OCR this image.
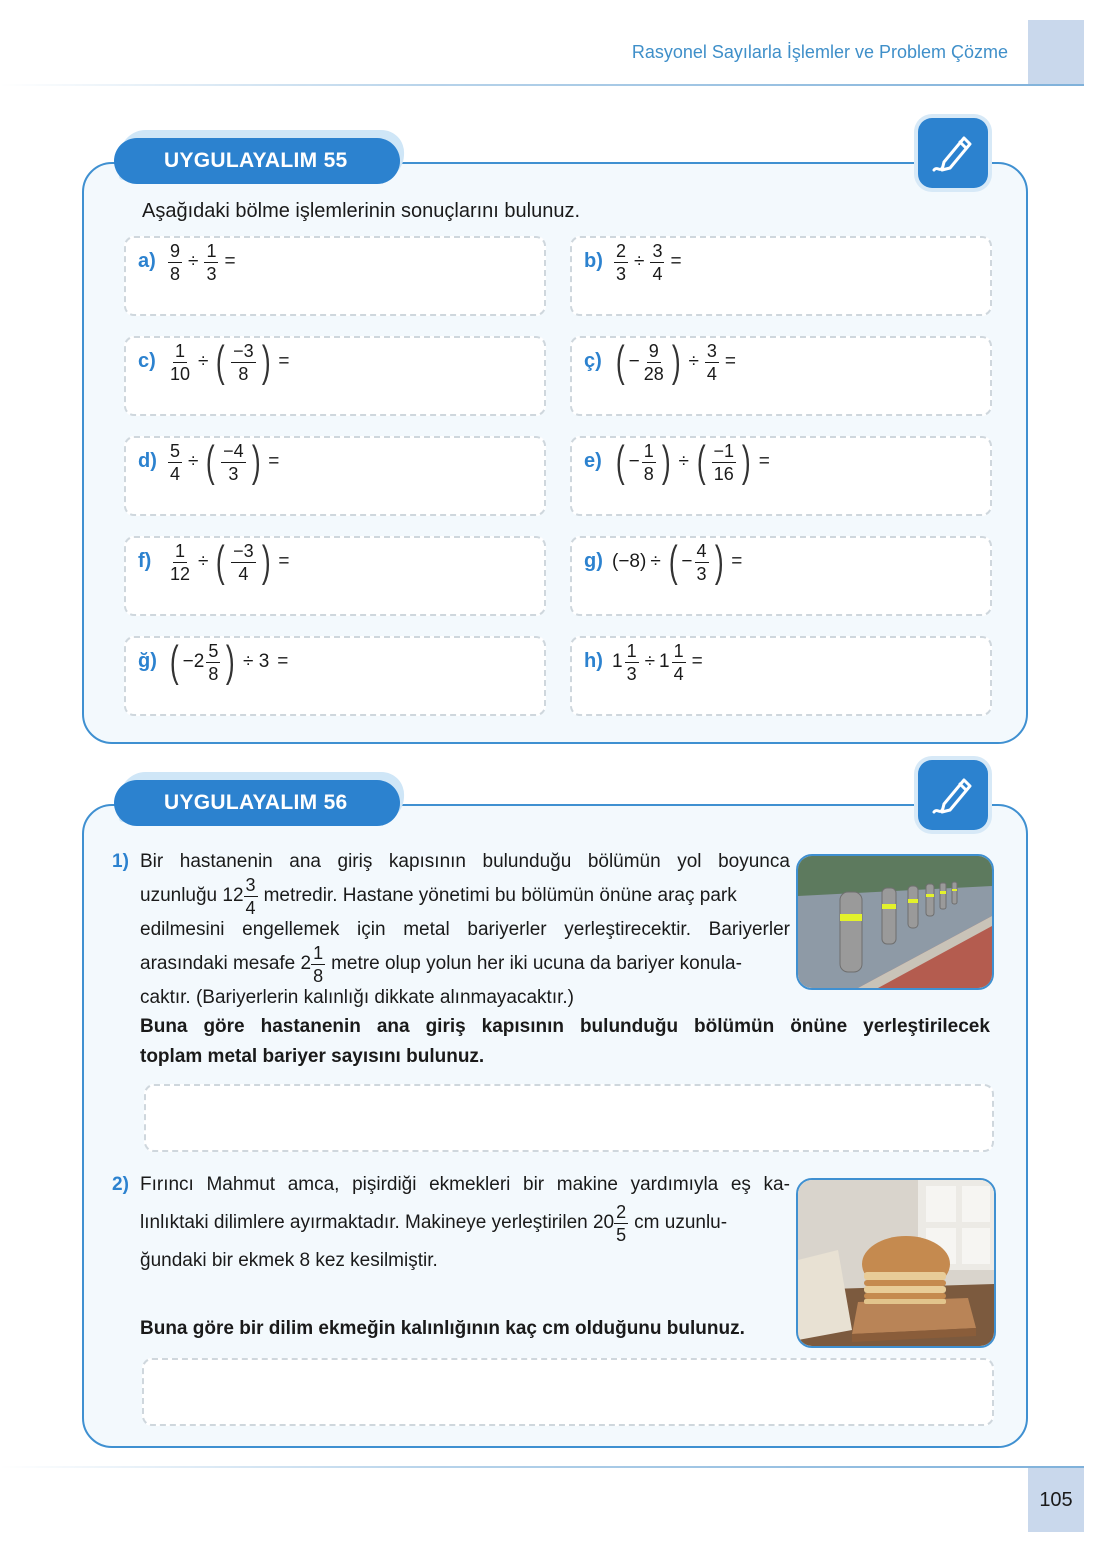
Rasyonel Sayılarla İşlemler ve Problem Çözme
UYGULAYALIM 55
Aşağıdaki bölme işlemlerinin sonuçlarını bulunuz.
$a) \frac{9}{8} \div \frac{1}{3}$ =	$b) \frac{2}{3} \div \frac{3}{4}$ =
$c) \frac{1}{10}$ ÷ ( $\frac{-3}{8}$ ) =	ç) ( − $\frac{9}{28}$ ) ÷ $\frac{3}{4}$ =
$d) \frac{5}{4}$ ÷ ( $\frac{-4}{3}$ ) =	e) ( − $\frac{1}{8}$ ) ÷ ( $\frac{-1}{16}$ ) =
$f) \frac{1}{12}$ ÷ ( $\frac{-3}{4}$ ) =	g) (−8) ÷ ( − $\frac{4}{3}$ ) =
ğ) ( − $2 \frac{5}{8}$ ) ÷ 3 =	h) $1 \frac{1}{3} \div 1 \frac{1}{4}$ =
UYGULAYALIM 56
1) Bir hastanenin ana giriş kapısının bulunduğu bölümün yol boyunca
uzunluğu $12 \frac{3}{4}$ metredir. Hastane yönetimi bu bölümün önüne araç park
edilmesini engellemek için metal bariyerler yerleştirecektir. Bariyerler
arasındaki mesafe $2 \frac{1}{8}$ metre olup yolun her iki ucuna da bariyer konula-
caktır. (Bariyerlerin kalınlığı dikkate alınmayacaktır.)
Buna göre hastanenin ana giriş kapısının bulunduğu bölümün önüne yerleştirilecek
toplam metal bariyer sayısını bulunuz.
2) Fırıncı Mahmut amca, pişirdiği ekmekleri bir makine yardımıyla eş ka-
lınlıktaki dilimlere ayırmaktadır. Makineye yerleştirilen $20 \frac{2}{5}$ cm uzunlu-
ğundaki bir ekmek 8 kez kesilmiştir.
Buna göre bir dilim ekmeğin kalınlığının kaç cm olduğunu bulunuz.
105
